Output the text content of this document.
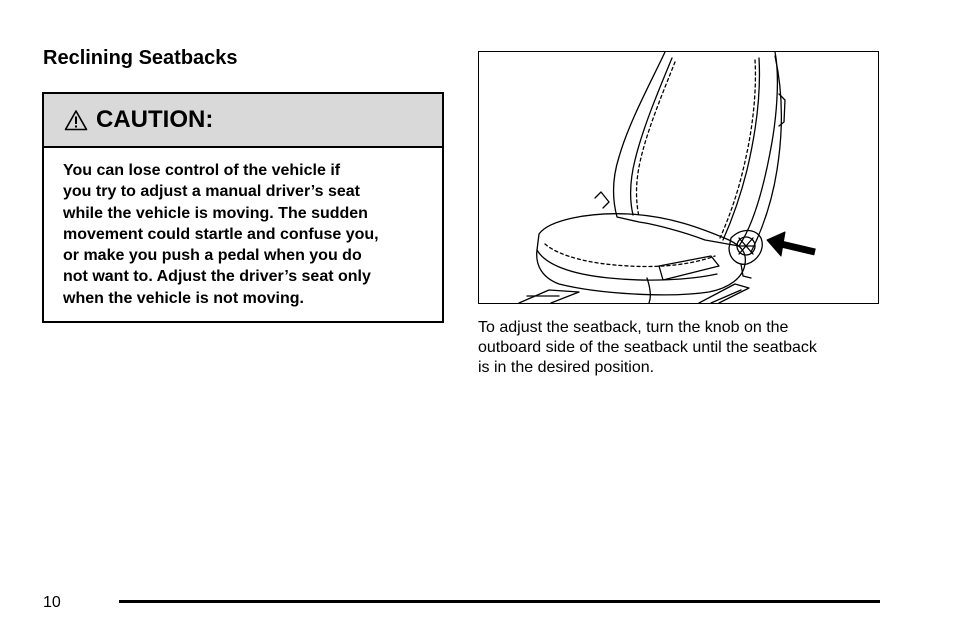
Reclining Seatbacks
CAUTION:
You can lose control of the vehicle if
you try to adjust a manual driver’s seat
while the vehicle is moving. The sudden
movement could startle and confuse you,
or make you push a pedal when you do
not want to. Adjust the driver’s seat only
when the vehicle is not moving.
To adjust the seatback, turn the knob on the
outboard side of the seatback until the seatback
is in the desired position.
10
